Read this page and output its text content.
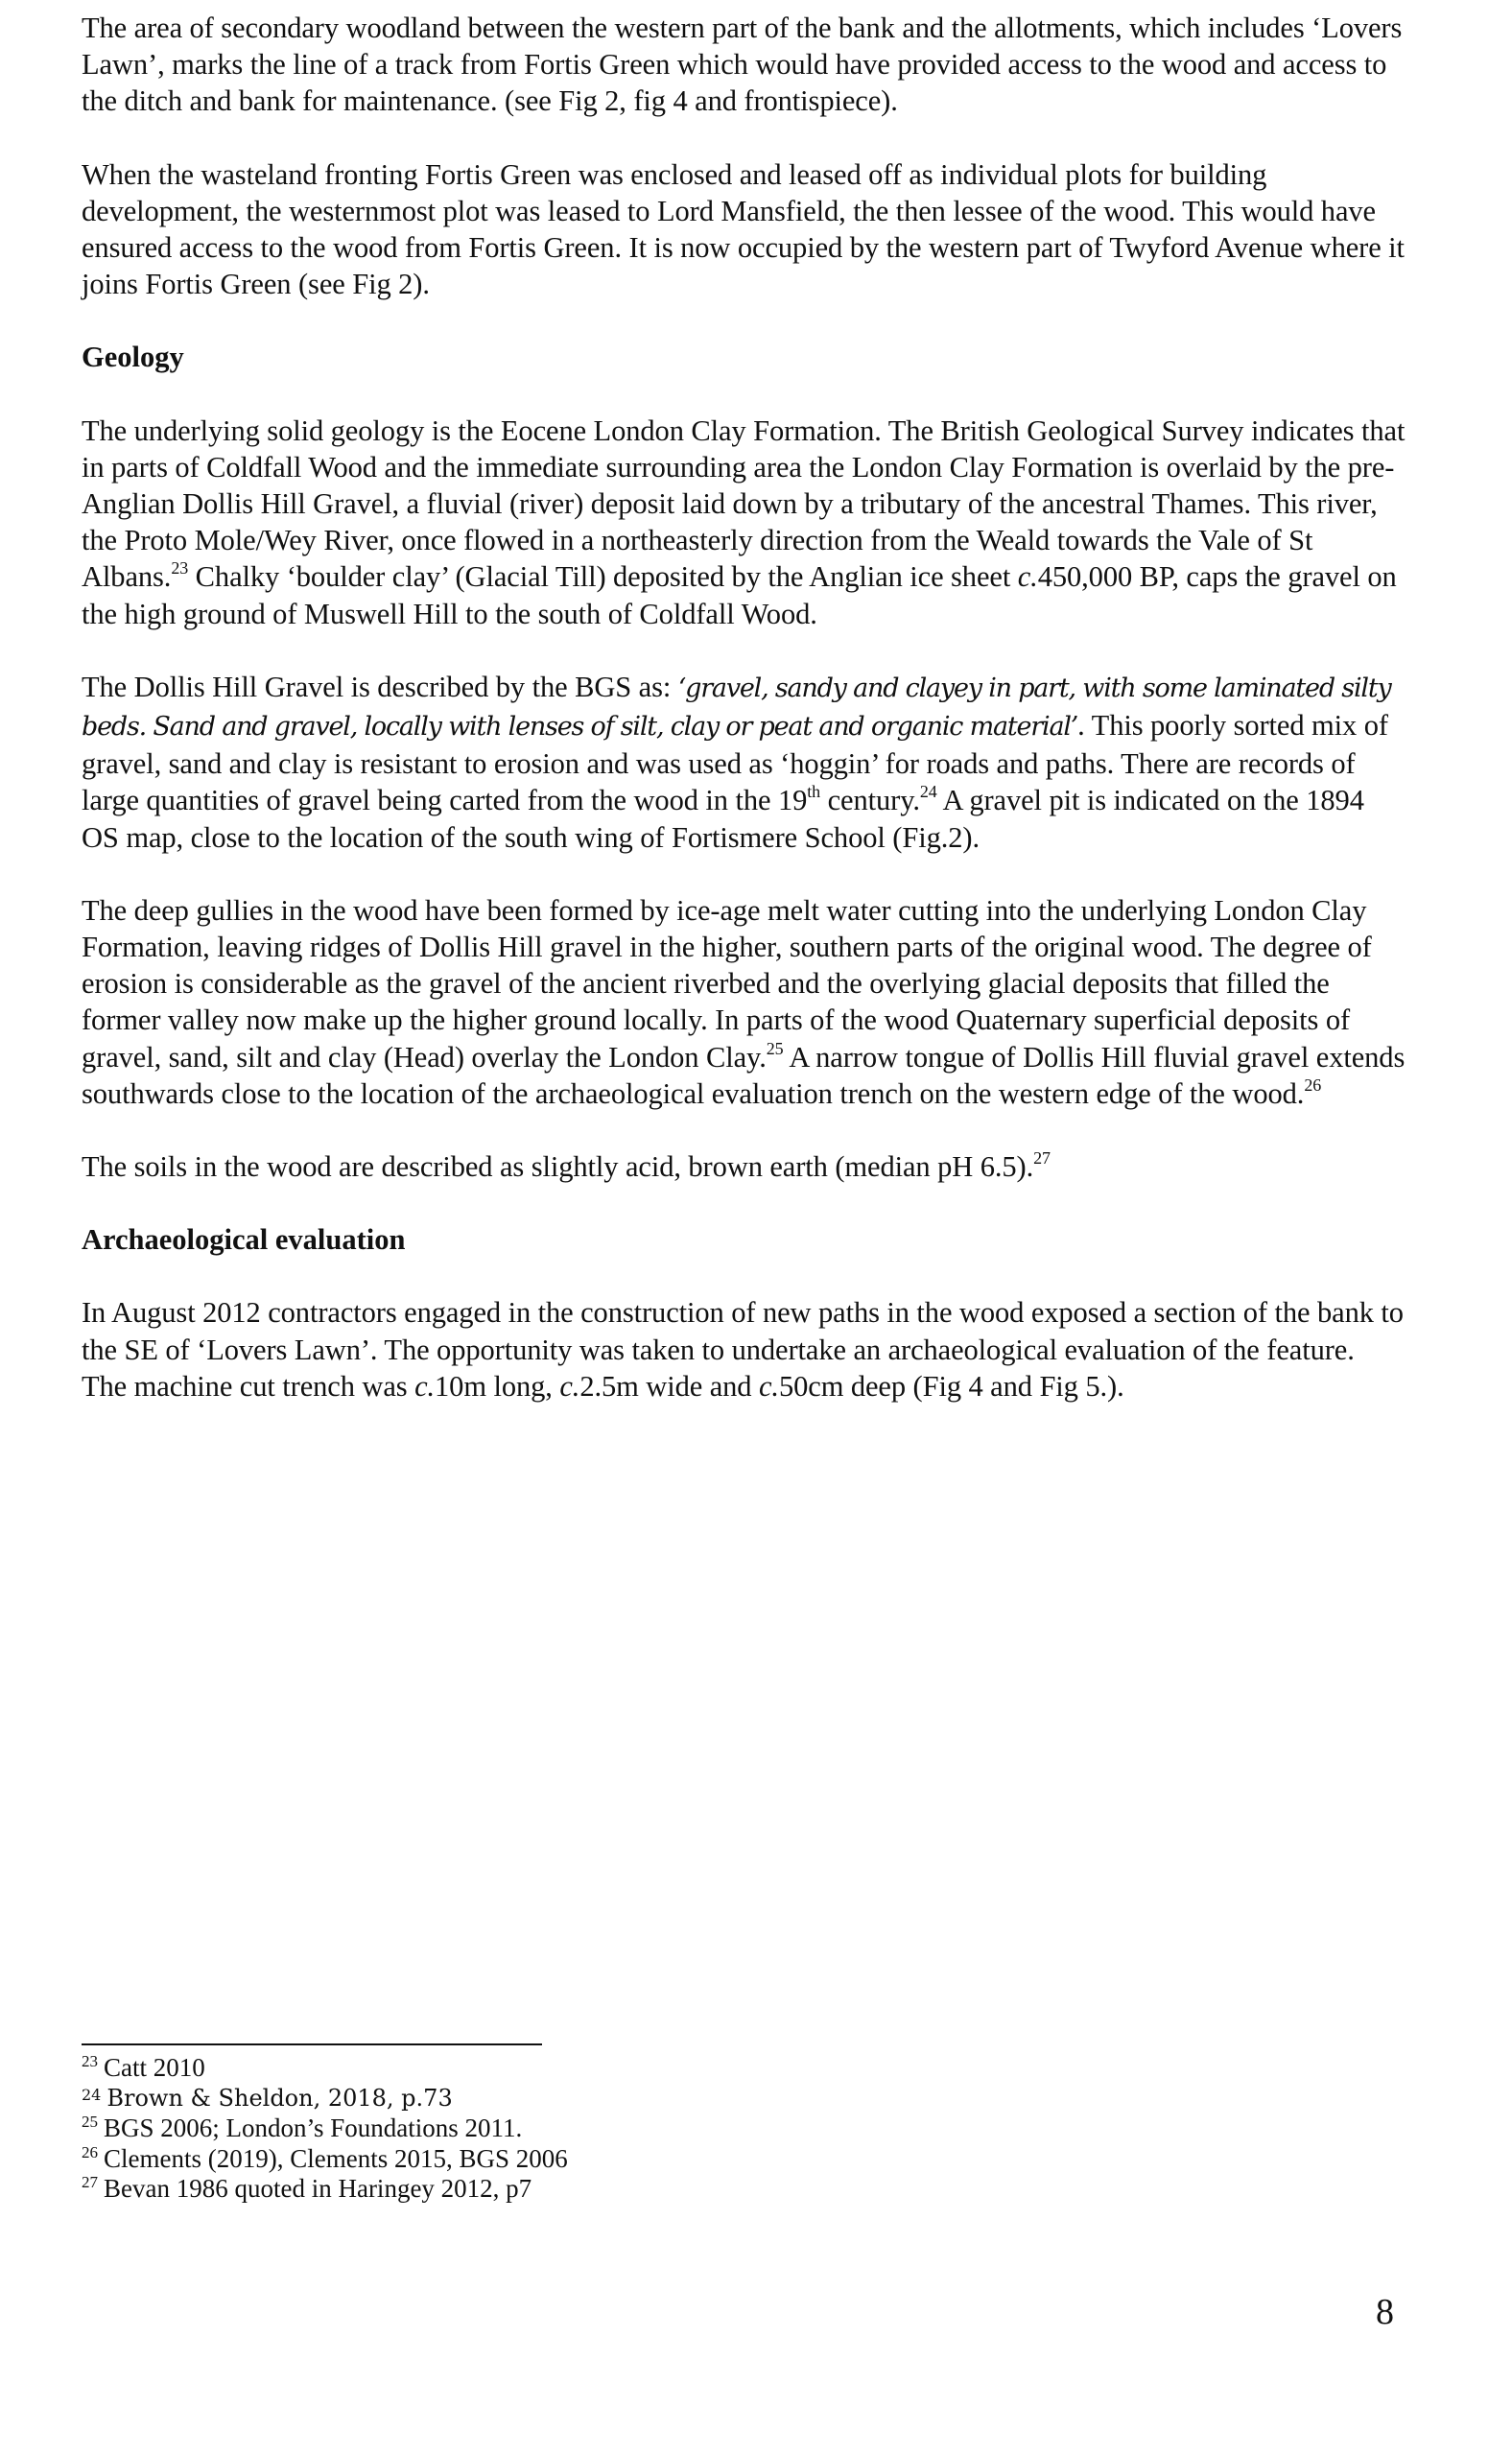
The area of secondary woodland between the western part of the bank and the allotments, which includes ‘Lovers Lawn’, marks the line of a track from Fortis Green which would have provided access to the wood and access to the ditch and bank for maintenance. (see Fig 2, fig 4 and frontispiece).

When the wasteland fronting Fortis Green was enclosed and leased off as individual plots for building development, the westernmost plot was leased to Lord Mansfield, the then lessee of the wood. This would have ensured access to the wood from Fortis Green. It is now occupied by the western part of Twyford Avenue where it joins Fortis Green (see Fig 2).

Geology

The underlying solid geology is the Eocene London Clay Formation. The British Geological Survey indicates that in parts of Coldfall Wood and the immediate surrounding area the London Clay Formation is overlaid by the pre-Anglian Dollis Hill Gravel, a fluvial (river) deposit laid down by a tributary of the ancestral Thames. This river, the Proto Mole/Wey River, once flowed in a northeasterly direction from the Weald towards the Vale of St Albans.$^{23}$ Chalky ‘boulder clay’ (Glacial Till) deposited by the Anglian ice sheet c.450,000 BP, caps the gravel on the high ground of Muswell Hill to the south of Coldfall Wood.

The Dollis Hill Gravel is described by the BGS as: ‘gravel, sandy and clayey in part, with some laminated silty beds. Sand and gravel, locally with lenses of silt, clay or peat and organic material’. This poorly sorted mix of gravel, sand and clay is resistant to erosion and was used as ‘hoggin’ for roads and paths. There are records of large quantities of gravel being carted from the wood in the 19th century.$^{24}$ A gravel pit is indicated on the 1894 OS map, close to the location of the south wing of Fortismere School (Fig.2).

The deep gullies in the wood have been formed by ice-age melt water cutting into the underlying London Clay Formation, leaving ridges of Dollis Hill gravel in the higher, southern parts of the original wood. The degree of erosion is considerable as the gravel of the ancient riverbed and the overlying glacial deposits that filled the former valley now make up the higher ground locally. In parts of the wood Quaternary superficial deposits of gravel, sand, silt and clay (Head) overlay the London Clay.$^{25}$ A narrow tongue of Dollis Hill fluvial gravel extends southwards close to the location of the archaeological evaluation trench on the western edge of the wood.$^{26}$

The soils in the wood are described as slightly acid, brown earth (median pH 6.5).$^{27}$

Archaeological evaluation

In August 2012 contractors engaged in the construction of new paths in the wood exposed a section of the bank to the SE of ‘Lovers Lawn’. The opportunity was taken to undertake an archaeological evaluation of the feature. The machine cut trench was c.10m long, c.2.5m wide and c.50cm deep (Fig 4 and Fig 5.).

$^{23}$ Catt 2010

$^{24}$ Brown & Sheldon, 2018, p.73

$^{25}$ BGS 2006; London’s Foundations 2011.

$^{26}$ Clements (2019), Clements 2015, BGS 2006

$^{27}$ Bevan 1986 quoted in Haringey 2012, p7

8
